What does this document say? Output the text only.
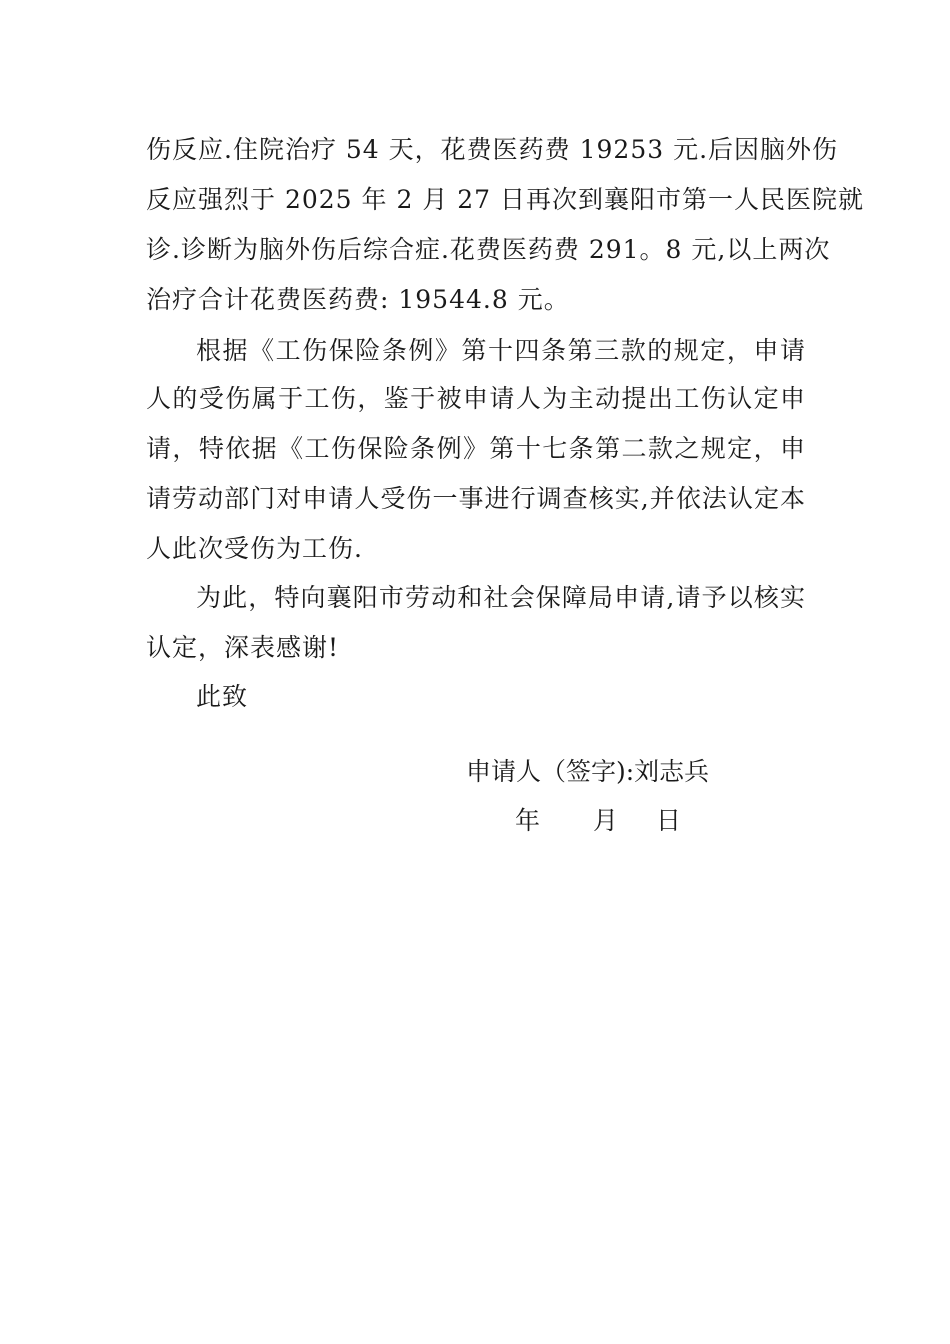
伤反应.住院治疗 54 天，花费医药费 19253 元.后因脑外伤
反应强烈于 2025 年 2 月 27 日再次到襄阳市第一人民医院就
诊.诊断为脑外伤后综合症.花费医药费 291。8 元,以上两次
治疗合计花费医药费: 19544.8 元。
根据《工伤保险条例》第十四条第三款的规定，申请
人的受伤属于工伤，鉴于被申请人为主动提出工伤认定申
请，特依据《工伤保险条例》第十七条第二款之规定，申
请劳动部门对申请人受伤一事进行调查核实,并依法认定本
人此次受伤为工伤.
为此，特向襄阳市劳动和社会保障局申请,请予以核实
认定，深表感谢!
此致
申请人（签字):刘志兵
年 月 日
